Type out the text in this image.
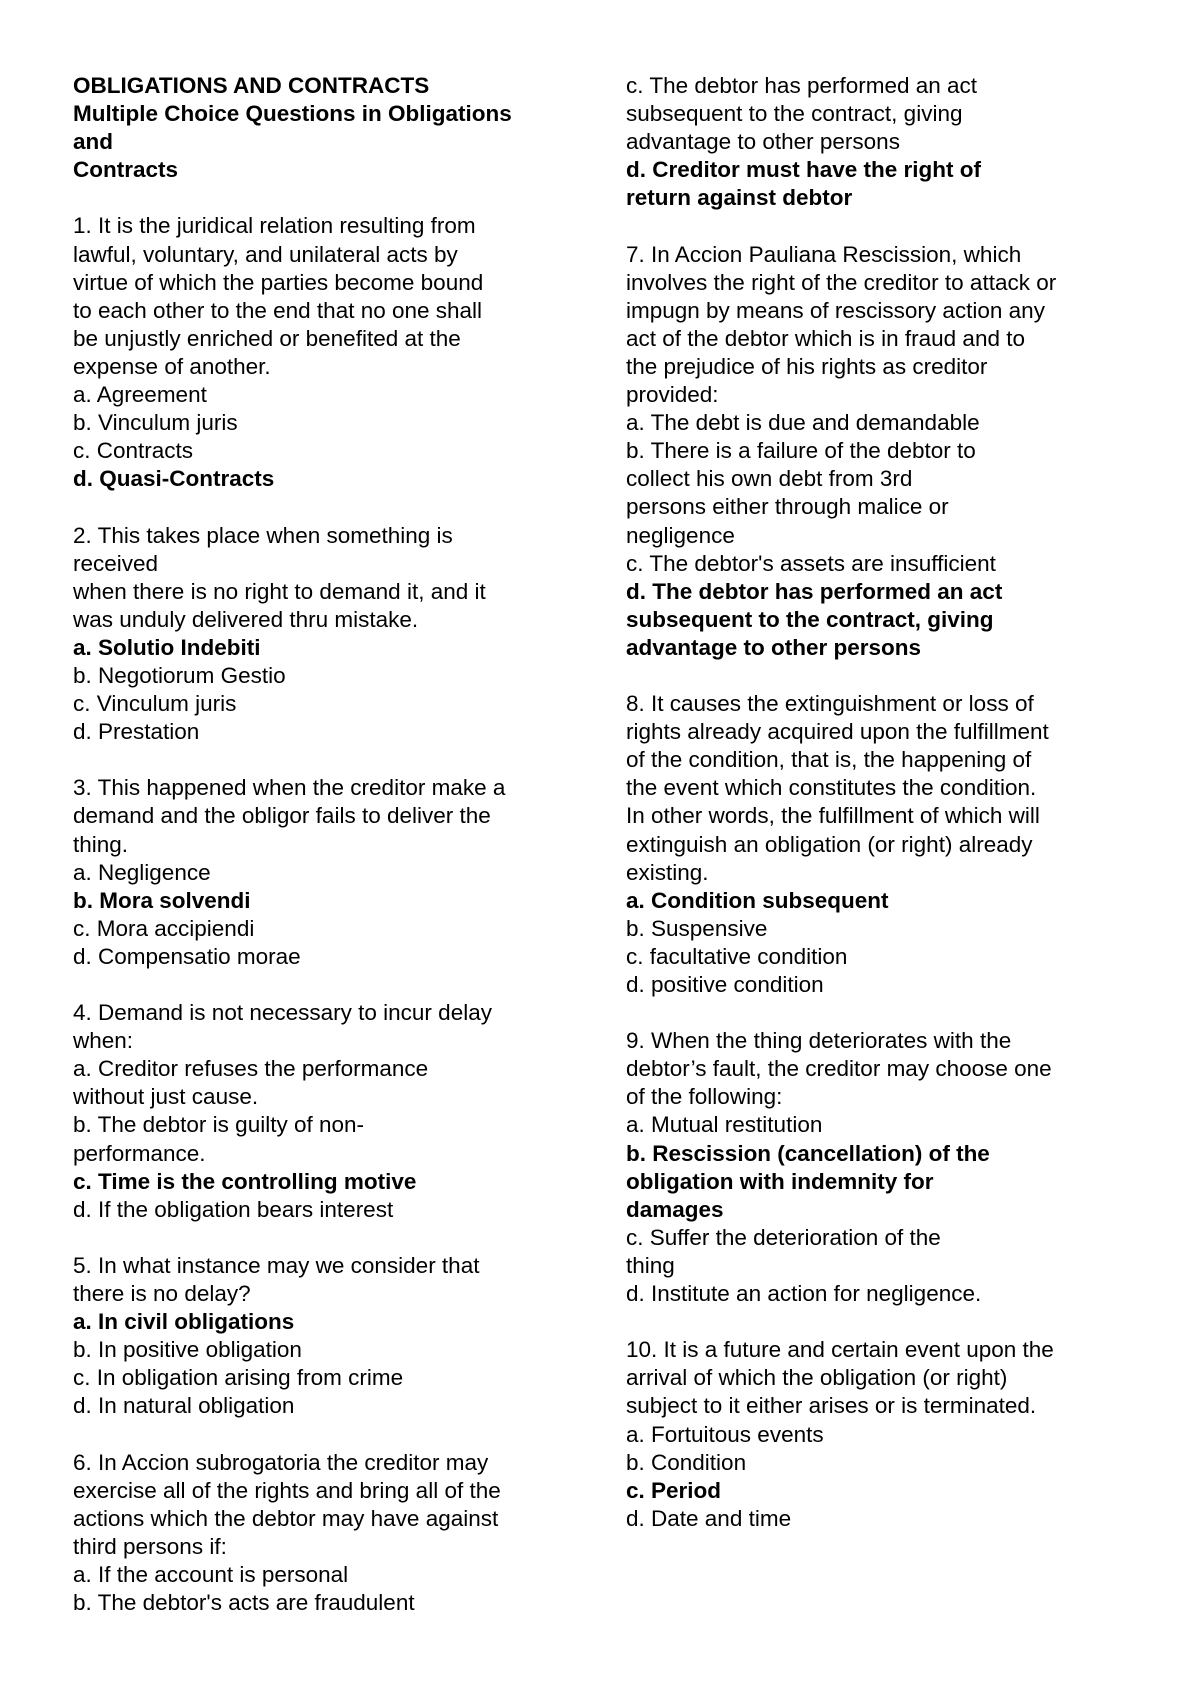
OBLIGATIONS AND CONTRACTS
Multiple Choice Questions in Obligations
and
Contracts
1. It is the juridical relation resulting from
lawful, voluntary, and unilateral acts by
virtue of which the parties become bound
to each other to the end that no one shall
be unjustly enriched or benefited at the
expense of another.
a. Agreement
b. Vinculum juris
c. Contracts
d. Quasi-Contracts
2. This takes place when something is
received
when there is no right to demand it, and it
was unduly delivered thru mistake.
a. Solutio Indebiti
b. Negotiorum Gestio
c. Vinculum juris
d. Prestation
3. This happened when the creditor make a
demand and the obligor fails to deliver the
thing.
a. Negligence
b. Mora solvendi
c. Mora accipiendi
d. Compensatio morae
4. Demand is not necessary to incur delay
when:
a. Creditor refuses the performance
without just cause.
b. The debtor is guilty of non-
performance.
c. Time is the controlling motive
d. If the obligation bears interest
5. In what instance may we consider that
there is no delay?
a. In civil obligations
b. In positive obligation
c. In obligation arising from crime
d. In natural obligation
6. In Accion subrogatoria the creditor may
exercise all of the rights and bring all of the
actions which the debtor may have against
third persons if:
a. If the account is personal
b. The debtor's acts are fraudulent
c. The debtor has performed an act
subsequent to the contract, giving
advantage to other persons
d. Creditor must have the right of
return against debtor
7. In Accion Pauliana Rescission, which
involves the right of the creditor to attack or
impugn by means of rescissory action any
act of the debtor which is in fraud and to
the prejudice of his rights as creditor
provided:
a. The debt is due and demandable
b. There is a failure of the debtor to
collect his own debt from 3rd
persons either through malice or
negligence
c. The debtor's assets are insufficient
d. The debtor has performed an act
subsequent to the contract, giving
advantage to other persons
8. It causes the extinguishment or loss of
rights already acquired upon the fulfillment
of the condition, that is, the happening of
the event which constitutes the condition.
In other words, the fulfillment of which will
extinguish an obligation (or right) already
existing.
a. Condition subsequent
b. Suspensive
c. facultative condition
d. positive condition
9. When the thing deteriorates with the
debtor’s fault, the creditor may choose one
of the following:
a. Mutual restitution
b. Rescission (cancellation) of the
obligation with indemnity for
damages
c. Suffer the deterioration of the
thing
d. Institute an action for negligence.
10. It is a future and certain event upon the
arrival of which the obligation (or right)
subject to it either arises or is terminated.
a. Fortuitous events
b. Condition
c. Period
d. Date and time
